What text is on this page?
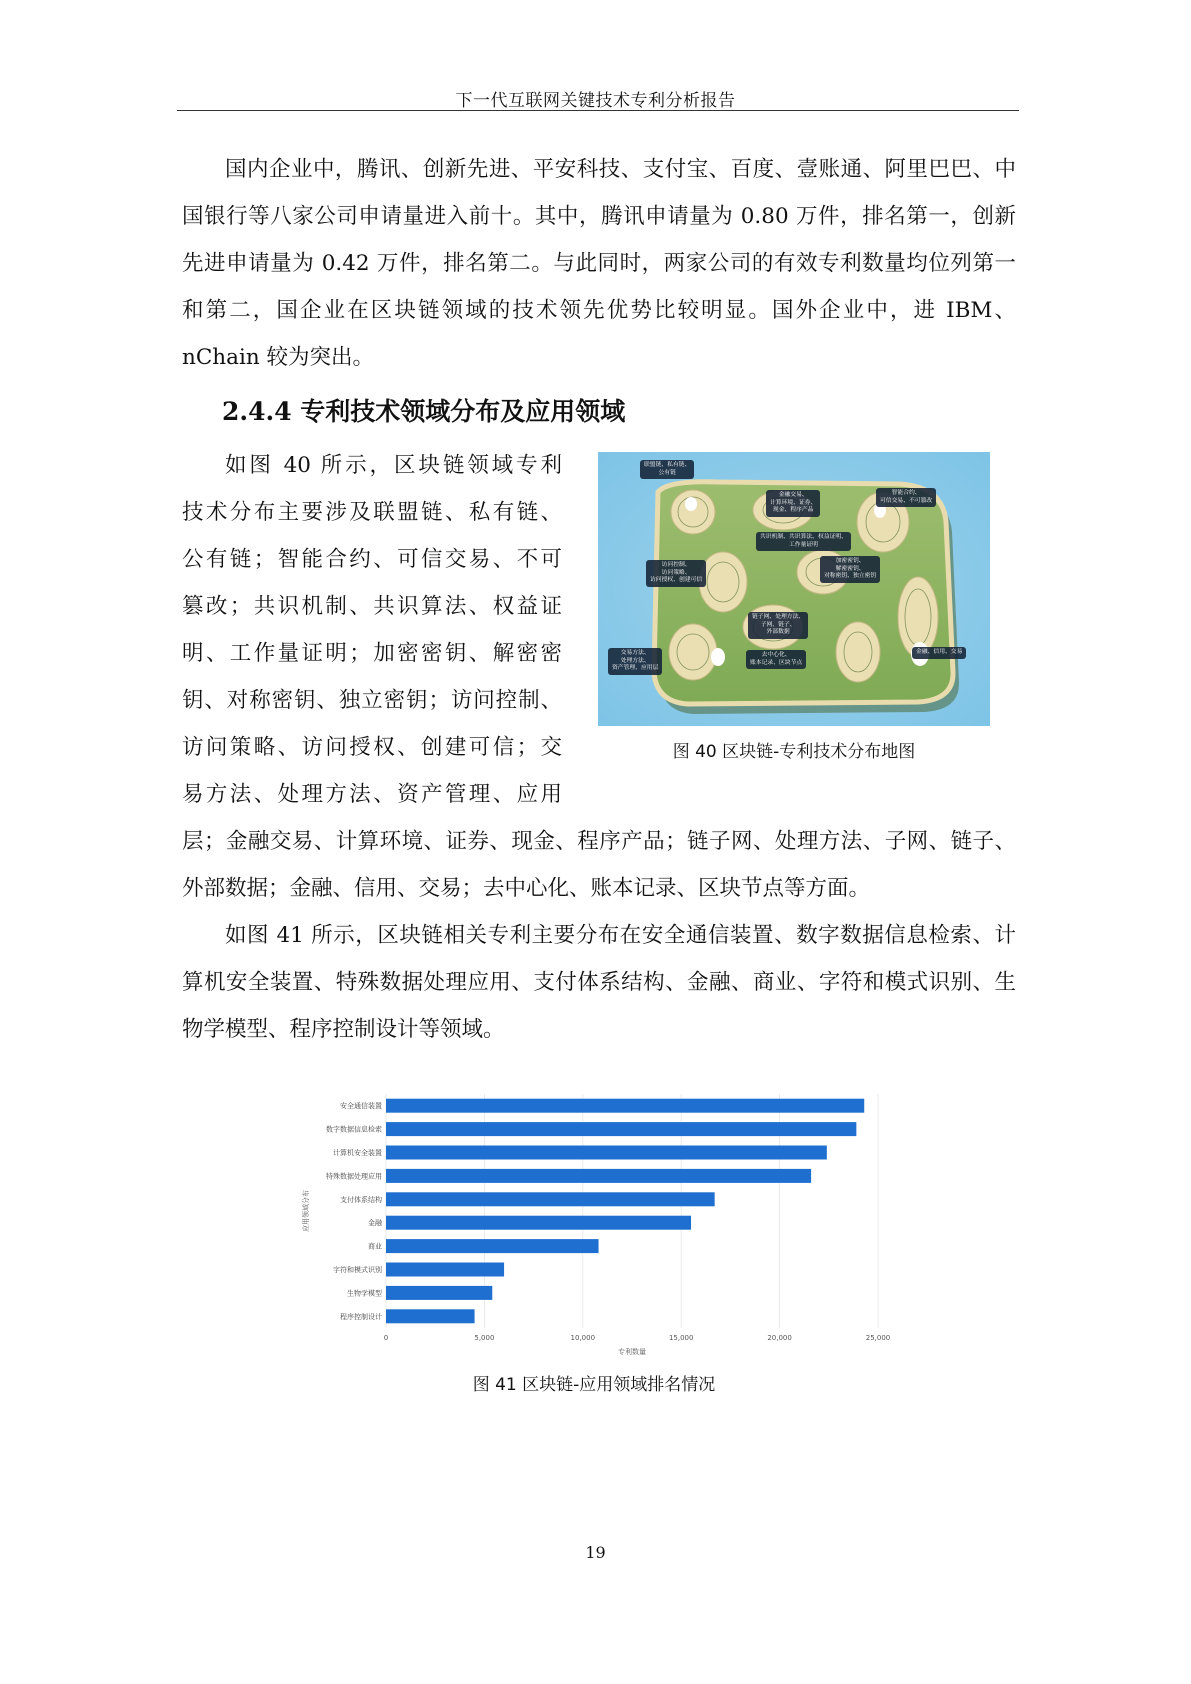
下一代互联网关键技术专利分析报告

国内企业中，腾讯、创新先进、平安科技、支付宝、百度、壹账通、阿里巴巴、中国银行等八家公司申请量进入前十。其中，腾讯申请量为 0.80 万件，排名第一，创新先进申请量为 0.42 万件，排名第二。与此同时，两家公司的有效专利数量均位列第一和第二，国企业在区块链领域的技术领先优势比较明显。国外企业中，进 IBM、nChain 较为突出。

2.4.4 专利技术领域分布及应用领域
如图 40 所示，区块链领域专利
技术分布主要涉及联盟链、私有链、
公有链；智能合约、可信交易、不可
篡改；共识机制、共识算法、权益证
明、工作量证明；加密密钥、解密密
钥、对称密钥、独立密钥；访问控制、
访问策略、访问授权、创建可信；交
易方法、处理方法、资产管理、应用

层；金融交易、计算环境、证券、现金、程序产品；链子网、处理方法、子网、链子、外部数据；金融、信用、交易；去中心化、账本记录、区块节点等方面。

联盟链、私有链、
公有链
金融交易、
计算环境、证券、
现金、程序产品
智能合约、
可信交易、不可篡改
共识机制、共识算法、权益证明、
工作量证明
访问控制、
访问策略、
访问授权、创建可信
加密密钥、
解密密钥、
对称密钥、独立密钥
链子网、处理方法、
子网、链子、
外部数据
交易方法、
处理方法、
资产管理、应用层
去中心化、
账本记录、区块节点
金融、信用、交易
图 40 区块链-专利技术分布地图

如图 41 所示，区块链相关专利主要分布在安全通信装置、数字数据信息检索、计算机安全装置、特殊数据处理应用、支付体系结构、金融、商业、字符和模式识别、生物学模型、程序控制设计等领域。

安全通信装置
数字数据信息检索
计算机安全装置
特殊数据处理应用
支付体系结构
金融
商业
字符和模式识别
生物学模型
程序控制设计
0	5,000	10,000	15,000	20,000	25,000
专利数量
应用领域分布
图 41 区块链-应用领域排名情况
19
